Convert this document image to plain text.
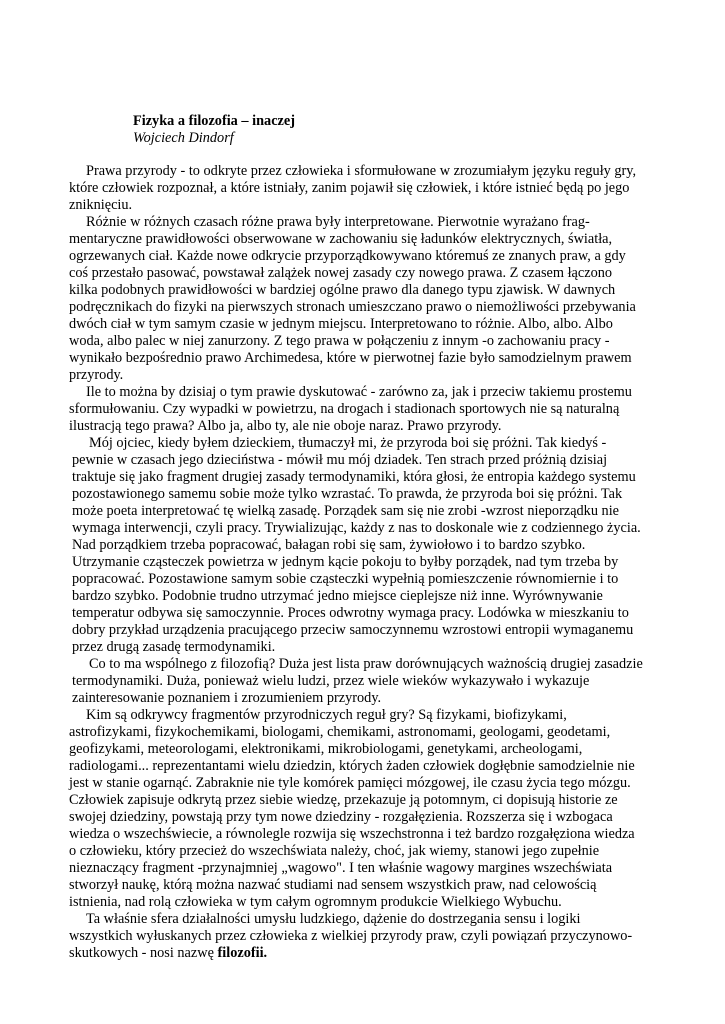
Fizyka a filozofia – inaczej
Wojciech Dindorf
Prawa przyrody - to odkryte przez człowieka i sformułowane w zrozumiałym języku reguły gry,
które człowiek rozpoznał, a które istniały, zanim pojawił się człowiek, i które istnieć będą po jego
zniknięciu.
Różnie w różnych czasach różne prawa były interpretowane. Pierwotnie wyrażano frag-
mentaryczne prawidłowości obserwowane w zachowaniu się ładunków elektrycznych, światła,
ogrzewanych ciał. Każde nowe odkrycie przyporządkowywano któremuś ze znanych praw, a gdy
coś przestało pasować, powstawał zalążek nowej zasady czy nowego prawa. Z czasem łączono
kilka podobnych prawidłowości w bardziej ogólne prawo dla danego typu zjawisk. W dawnych
podręcznikach do fizyki na pierwszych stronach umieszczano prawo o niemożliwości przebywania
dwóch ciał w tym samym czasie w jednym miejscu. Interpretowano to różnie. Albo, albo. Albo
woda, albo palec w niej zanurzony. Z tego prawa w połączeniu z innym -o zachowaniu pracy -
wynikało bezpośrednio prawo Archimedesa, które w pierwotnej fazie było samodzielnym prawem
przyrody.
Ile to można by dzisiaj o tym prawie dyskutować - zarówno za, jak i przeciw takiemu prostemu
sformułowaniu. Czy wypadki w powietrzu, na drogach i stadionach sportowych nie są naturalną
ilustracją tego prawa? Albo ja, albo ty, ale nie oboje naraz. Prawo przyrody.
Mój ojciec, kiedy byłem dzieckiem, tłumaczył mi, że przyroda boi się próżni. Tak kiedyś -
pewnie w czasach jego dzieciństwa - mówił mu mój dziadek. Ten strach przed próżnią dzisiaj
traktuje się jako fragment drugiej zasady termodynamiki, która głosi, że entropia każdego systemu
pozostawionego samemu sobie może tylko wzrastać. To prawda, że przyroda boi się próżni. Tak
może poeta interpretować tę wielką zasadę. Porządek sam się nie zrobi -wzrost nieporządku nie
wymaga interwencji, czyli pracy. Trywializując, każdy z nas to doskonale wie z codziennego życia.
Nad porządkiem trzeba popracować, bałagan robi się sam, żywiołowo i to bardzo szybko.
Utrzymanie cząsteczek powietrza w jednym kącie pokoju to byłby porządek, nad tym trzeba by
popracować. Pozostawione samym sobie cząsteczki wypełnią pomieszczenie równomiernie i to
bardzo szybko. Podobnie trudno utrzymać jedno miejsce cieplejsze niż inne. Wyrównywanie
temperatur odbywa się samoczynnie. Proces odwrotny wymaga pracy. Lodówka w mieszkaniu to
dobry przykład urządzenia pracującego przeciw samoczynnemu wzrostowi entropii wymaganemu
przez drugą zasadę termodynamiki.
Co to ma wspólnego z filozofią? Duża jest lista praw dorównujących ważnością drugiej zasadzie
termodynamiki. Duża, ponieważ wielu ludzi, przez wiele wieków wykazywało i wykazuje
zainteresowanie poznaniem i zrozumieniem przyrody.
Kim są odkrywcy fragmentów przyrodniczych reguł gry? Są fizykami, biofizykami,
astrofizykami, fizykochemikami, biologami, chemikami, astronomami, geologami, geodetami,
geofizykami, meteorologami, elektronikami, mikrobiologami, genetykami, archeologami,
radiologami... reprezentantami wielu dziedzin, których żaden człowiek dogłębnie samodzielnie nie
jest w stanie ogarnąć. Zabraknie nie tyle komórek pamięci mózgowej, ile czasu życia tego mózgu.
Człowiek zapisuje odkrytą przez siebie wiedzę, przekazuje ją potomnym, ci dopisują historie ze
swojej dziedziny, powstają przy tym nowe dziedziny - rozgałęzienia. Rozszerza się i wzbogaca
wiedza o wszechświecie, a równolegle rozwija się wszechstronna i też bardzo rozgałęziona wiedza
o człowieku, który przecież do wszechświata należy, choć, jak wiemy, stanowi jego zupełnie
nieznaczący fragment -przynajmniej „wagowo". I ten właśnie wagowy margines wszechświata
stworzył naukę, którą można nazwać studiami nad sensem wszystkich praw, nad celowością
istnienia, nad rolą człowieka w tym całym ogromnym produkcie Wielkiego Wybuchu.
Ta właśnie sfera działalności umysłu ludzkiego, dążenie do dostrzegania sensu i logiki
wszystkich wyłuskanych przez człowieka z wielkiej przyrody praw, czyli powiązań przyczynowo-
skutkowych - nosi nazwę filozofii.
